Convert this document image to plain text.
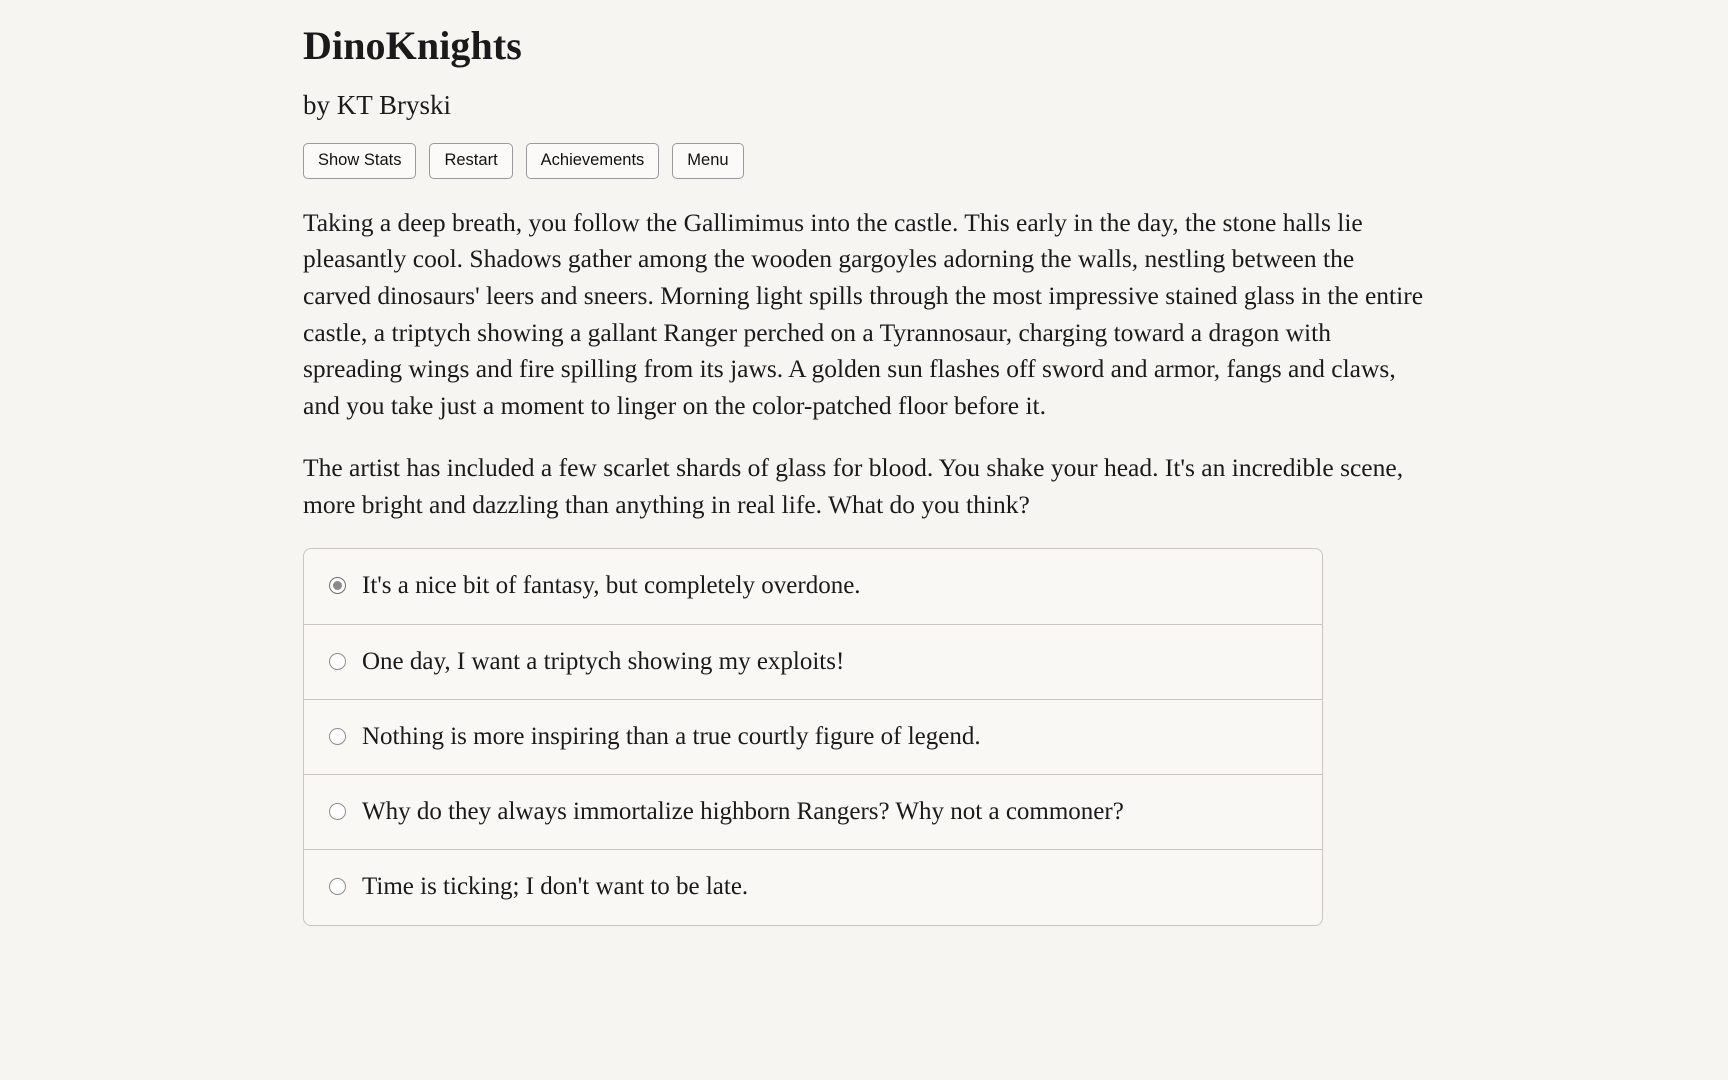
DinoKnights
by KT Bryski
Show Stats	Restart	Achievements	Menu

Taking a deep breath, you follow the Gallimimus into the castle. This early in the day, the stone halls lie pleasantly cool. Shadows gather among the wooden gargoyles adorning the walls, nestling between the carved dinosaurs' leers and sneers. Morning light spills through the most impressive stained glass in the entire castle, a triptych showing a gallant Ranger perched on a Tyrannosaur, charging toward a dragon with spreading wings and fire spilling from its jaws. A golden sun flashes off sword and armor, fangs and claws, and you take just a moment to linger on the color-patched floor before it.

The artist has included a few scarlet shards of glass for blood. You shake your head. It's an incredible scene, more bright and dazzling than anything in real life. What do you think?

It's a nice bit of fantasy, but completely overdone.
One day, I want a triptych showing my exploits!
Nothing is more inspiring than a true courtly figure of legend.
Why do they always immortalize highborn Rangers? Why not a commoner?
Time is ticking; I don't want to be late.
